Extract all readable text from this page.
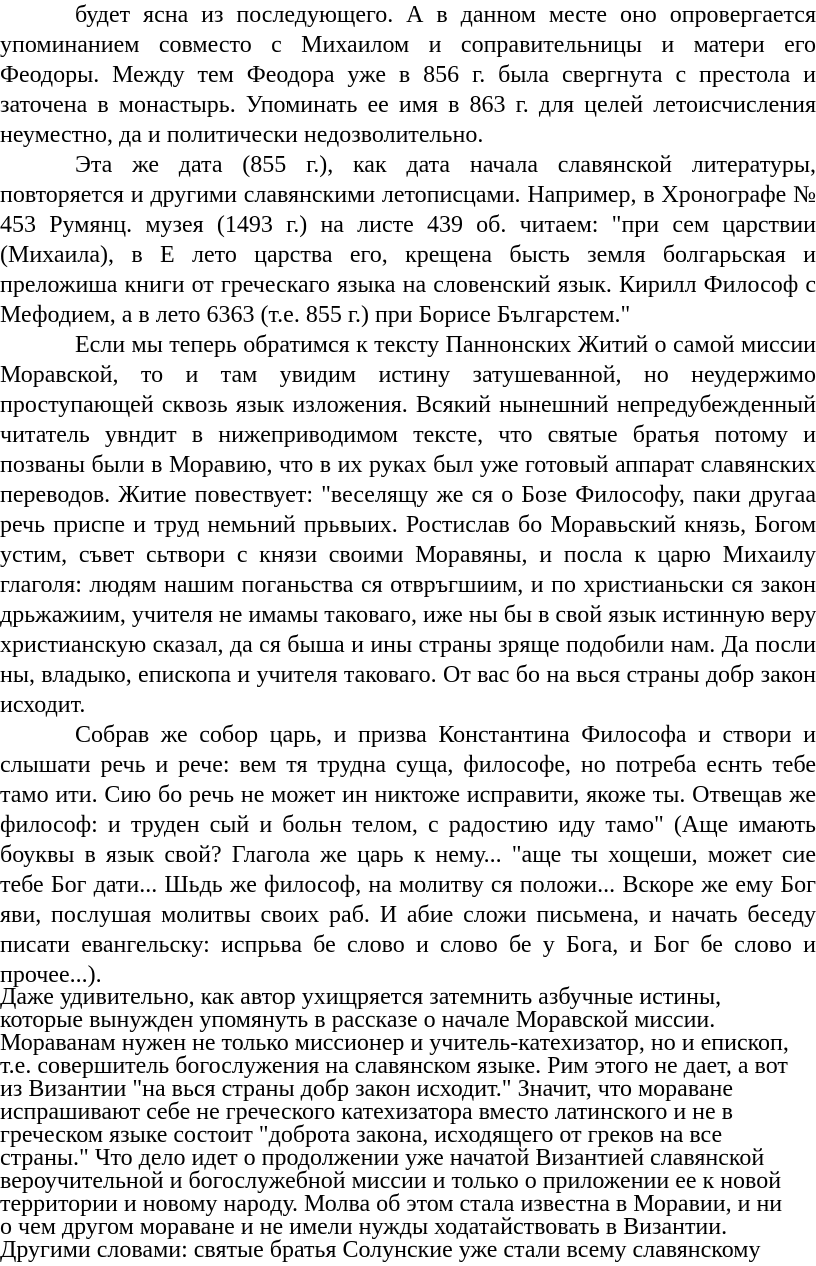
будет ясна из последующего. А в данном месте оно опровергается

упоминанием совместо с Михаилом и соправительницы и матери его

Феодоры. Между тем Феодора уже в 856 г. была свергнута с престола и

заточена в монастырь. Упоминать ее имя в 863 г. для целей летоисчисления

неуместно, да и политически недозволительно.

Эта же дата (855 г.), как дата начала славянской литературы,

повторяется и другими славянскими летописцами. Например, в Хронографе №

453 Румянц. музея (1493 г.) на листе 439 об. читаем: "при сем царствии

(Михаила), в Е лето царства его, крещена бысть земля болгарьская и

преложиша книги от греческаго языка на словенский язык. Кирилл Философ с

Мефодием, а в лето 6363 (т.е. 855 г.) при Борисе Българстем."

Если мы теперь обратимся к тексту Паннонских Житий о самой миссии

Моравской, то и там увидим истину затушеванной, но неудержимо

проступающей сквозь язык изложения. Всякий нынешний непредубежденный

читатель увндит в нижеприводимом тексте, что святые братья потому и

позваны были в Моравию, что в их руках был уже готовый аппарат славянских

переводов. Житие повествует: "веселящу же ся о Бозе Философу, паки другаа

речь приспе и труд немьний прьвыих. Ростислав бо Моравьский князь, Богом

устим, съвет сьтвори с князи своими Моравяны, и посла к царю Михаилу

глаголя: людям нашим поганьства ся отвръгшиим, и по христианьски ся закон

дрьжажиим, учителя не имамы таковаго, иже ны бы в свой язык истинную веру

христианскую сказал, да ся быша и ины страны зряще подобили нам. Да посли

ны, владыко, епископа и учителя таковаго. От вас бо на вься страны добр закон

исходит.

Собрав же собор царь, и призва Константина Философа и створи и

слышати речь и рече: вем тя трудна суща, философе, но потреба еснть тебе

тамо ити. Сию бо речь не может ин никтоже исправити, якоже ты. Отвещав же

философ: и труден сый и больн телом, с радостию иду тамо" (Аще имають

боуквы в язык свой? Глагола же царь к нему... "аще ты хощеши, может сие

тебе Бог дати... Шьдь же философ, на молитву ся положи... Вскоре же ему Бог

яви, послушая молитвы своих раб. И абие сложи письмена, и начать беседу

писати евангельску: испрьва бе слово и слово бе у Бога, и Бог бе слово и

прочее...).

Даже удивительно, как автор ухищряется затемнить азбучные истины,

которые вынужден упомянуть в рассказе о начале Моравской миссии.

Мораванам нужен не только миссионер и учитель-катехизатор, но и епископ,

т.е. совершитель богослужения на славянском языке. Рим этого не дает, а вот

из Византии "на вься страны добр закон исходит." Значит, что мораване

испрашивают себе не греческого катехизатора вместо латинского и не в

греческом языке состоит "доброта закона, исходящего от греков на все

страны." Что дело идет о продолжении уже начатой Византией славянской

вероучительной и богослужебной миссии и только о приложении ее к новой

территории и новому народу. Молва об этом стала известна в Моравии, и ни

о чем другом мораване и не имели нужды ходатайствовать в Византии.

Другими словами: святые братья Солунские уже стали всему славянскому
